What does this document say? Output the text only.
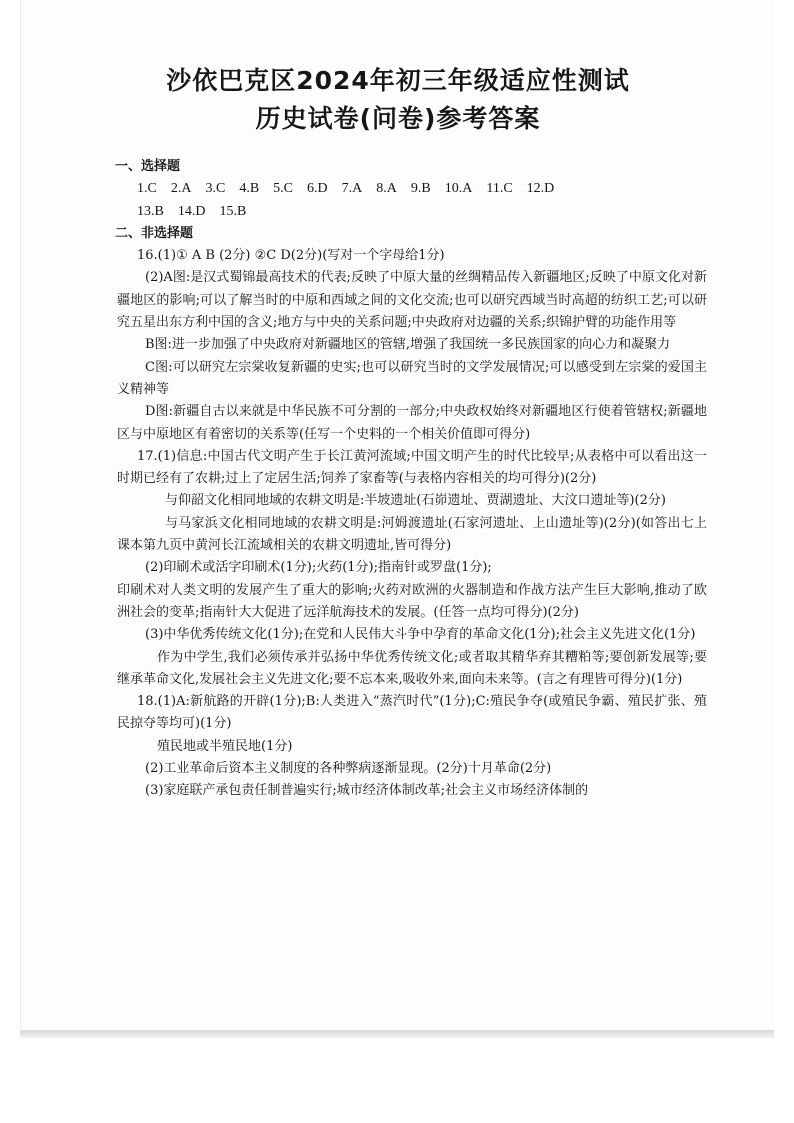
沙依巴克区2024年初三年级适应性测试
历史试卷(问卷)参考答案
一、选择题
1.C 2.A 3.C 4.B 5.C 6.D 7.A 8.A 9.B 10.A 11.C 12.D
13.B 14.D 15.B
二、非选择题

16.(1)① A B (2分) ②C D(2分)(写对一个字母给1分)

(2)A图:是汉式蜀锦最高技术的代表;反映了中原大量的丝绸精品传入新疆地区;反映了中原文化对新疆地区的影响;可以了解当时的中原和西域之间的文化交流;也可以研究西域当时高超的纺织工艺;可以研究五星出东方利中国的含义;地方与中央的关系问题;中央政府对边疆的关系;织锦护臂的功能作用等

B图:进一步加强了中央政府对新疆地区的管辖,增强了我国统一多民族国家的向心力和凝聚力

C图:可以研究左宗棠收复新疆的史实;也可以研究当时的文学发展情况;可以感受到左宗棠的爱国主义精神等

D图:新疆自古以来就是中华民族不可分割的一部分;中央政权始终对新疆地区行使着管辖权;新疆地区与中原地区有着密切的关系等(任写一个史料的一个相关价值即可得分)

17.(1)信息:中国古代文明产生于长江黄河流域;中国文明产生的时代比较早;从表格中可以看出这一时期已经有了农耕;过上了定居生活;饲养了家畜等(与表格内容相关的均可得分)(2分)

与仰韶文化相同地域的农耕文明是:半坡遗址(石峁遗址、贾湖遗址、大汶口遗址等)(2分)

与马家浜文化相同地域的农耕文明是:河姆渡遗址(石家河遗址、上山遗址等)(2分)(如答出七上课本第九页中黄河长江流域相关的农耕文明遗址,皆可得分)

(2)印刷术或活字印刷术(1分);火药(1分);指南针或罗盘(1分);

印刷术对人类文明的发展产生了重大的影响;火药对欧洲的火器制造和作战方法产生巨大影响,推动了欧洲社会的变革;指南针大大促进了远洋航海技术的发展。(任答一点均可得分)(2分)

(3)中华优秀传统文化(1分);在党和人民伟大斗争中孕育的革命文化(1分);社会主义先进文化(1分)

作为中学生,我们必须传承并弘扬中华优秀传统文化;或者取其精华弃其糟粕等;要创新发展等;要继承革命文化,发展社会主义先进文化;要不忘本来,吸收外来,面向未来等。(言之有理皆可得分)(1分)

18.(1)A:新航路的开辟(1分);B:人类进入“蒸汽时代”(1分);C:殖民争夺(或殖民争霸、殖民扩张、殖民掠夺等均可)(1分)

殖民地或半殖民地(1分)

(2)工业革命后资本主义制度的各种弊病逐渐显现。(2分)十月革命(2分)

(3)家庭联产承包责任制普遍实行;城市经济体制改革;社会主义市场经济体制的
